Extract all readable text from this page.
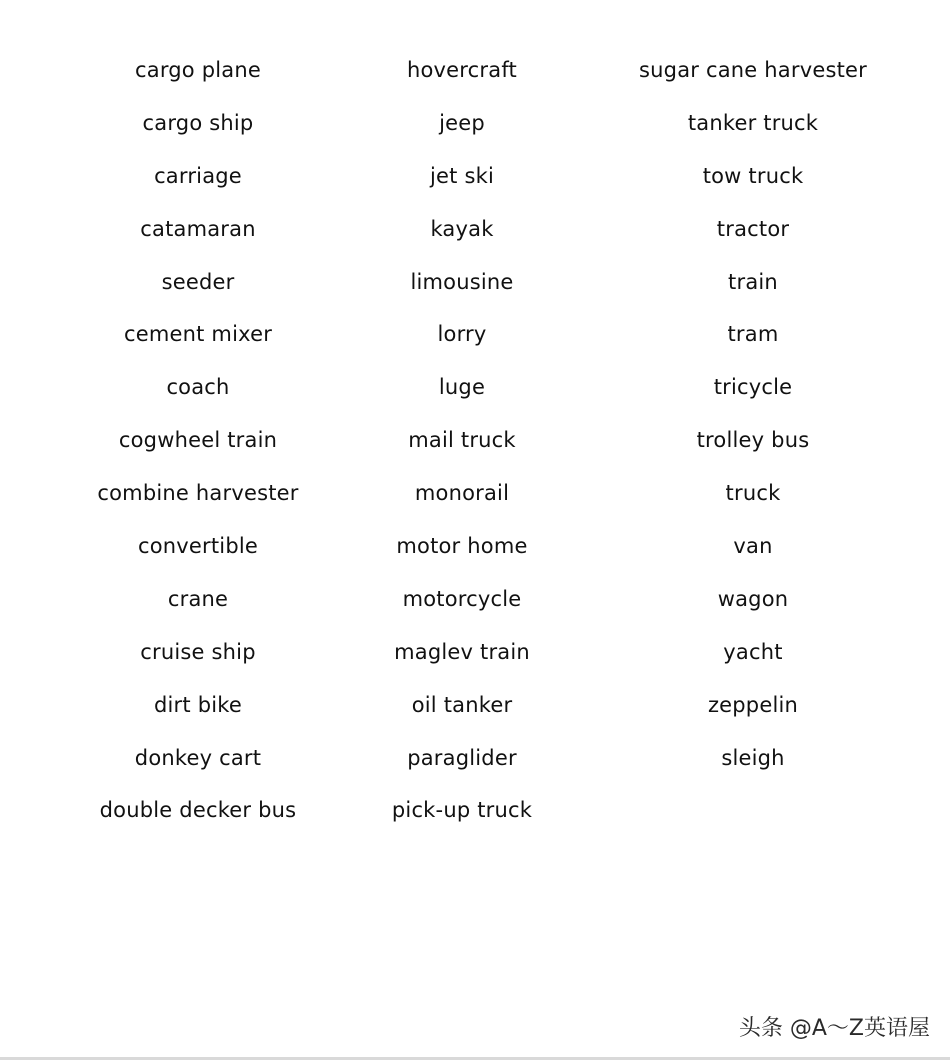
cargo plane
cargo ship
carriage
catamaran
seeder
cement mixer
coach
cogwheel train
combine harvester
convertible
crane
cruise ship
dirt bike
donkey cart
double decker bus
hovercraft
jeep
jet ski
kayak
limousine
lorry
luge
mail truck
monorail
motor home
motorcycle
maglev train
oil tanker
paraglider
pick-up truck
sugar cane harvester
tanker truck
tow truck
tractor
train
tram
tricycle
trolley bus
truck
van
wagon
yacht
zeppelin
sleigh
头条 @A～Z英语屋
